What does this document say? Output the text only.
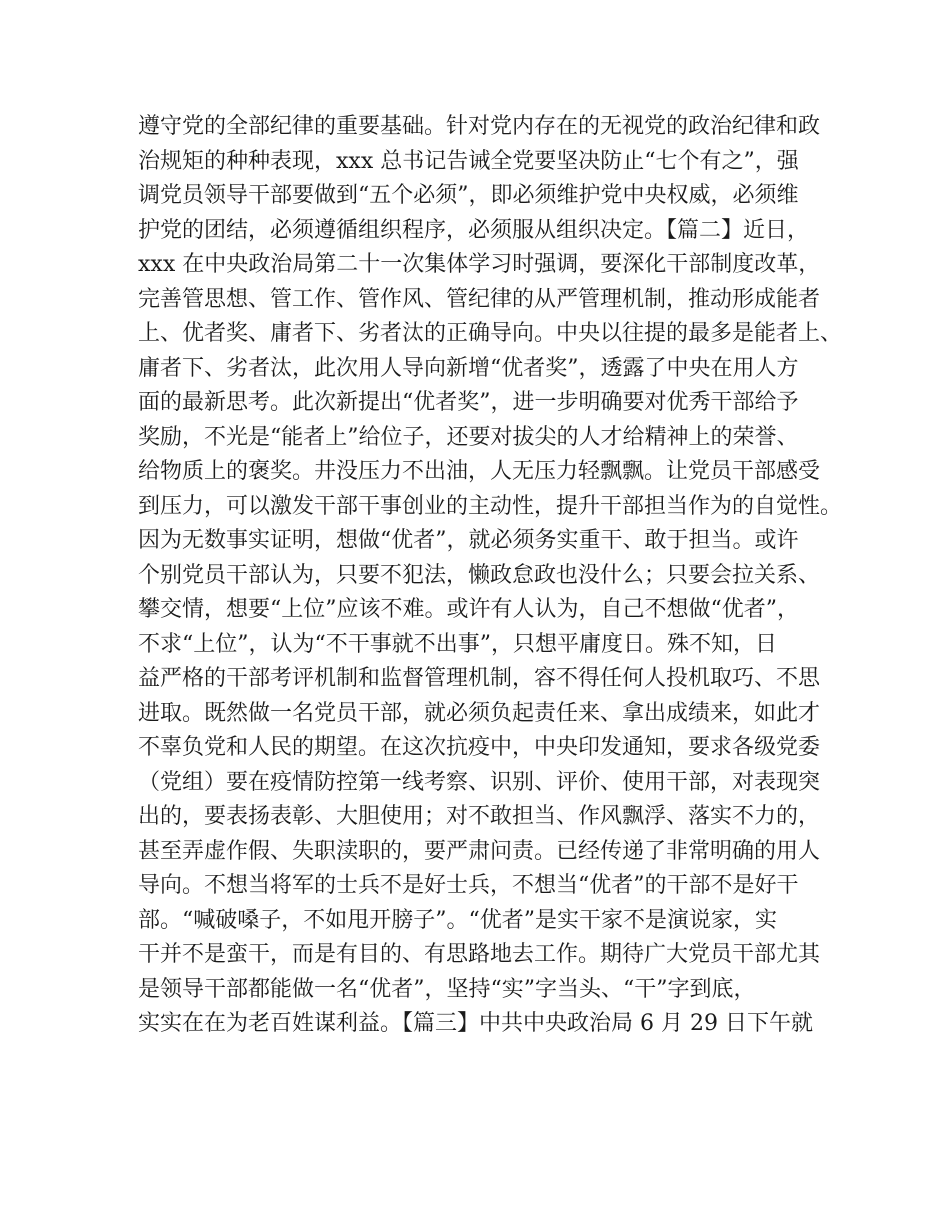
遵守党的全部纪律的重要基础。针对党内存在的无视党的政治纪律和政
治规矩的种种表现，xxx 总书记告诫全党要坚决防止“七个有之”，强
调党员领导干部要做到“五个必须”，即必须维护党中央权威，必须维
护党的团结，必须遵循组织程序，必须服从组织决定。【篇二】近日，
xxx 在中央政治局第二十一次集体学习时强调，要深化干部制度改革，
完善管思想、管工作、管作风、管纪律的从严管理机制，推动形成能者
上、优者奖、庸者下、劣者汰的正确导向。中央以往提的最多是能者上、
庸者下、劣者汰，此次用人导向新增“优者奖”，透露了中央在用人方
面的最新思考。此次新提出“优者奖”，进一步明确要对优秀干部给予
奖励，不光是“能者上”给位子，还要对拔尖的人才给精神上的荣誉、
给物质上的褒奖。井没压力不出油，人无压力轻飘飘。让党员干部感受
到压力，可以激发干部干事创业的主动性，提升干部担当作为的自觉性。
因为无数事实证明，想做“优者”，就必须务实重干、敢于担当。或许
个别党员干部认为，只要不犯法，懒政怠政也没什么；只要会拉关系、
攀交情，想要“上位”应该不难。或许有人认为，自己不想做“优者”，
不求“上位”，认为“不干事就不出事”，只想平庸度日。殊不知，日
益严格的干部考评机制和监督管理机制，容不得任何人投机取巧、不思
进取。既然做一名党员干部，就必须负起责任来、拿出成绩来，如此才
不辜负党和人民的期望。在这次抗疫中，中央印发通知，要求各级党委
（党组）要在疫情防控第一线考察、识别、评价、使用干部，对表现突
出的，要表扬表彰、大胆使用；对不敢担当、作风飘浮、落实不力的，
甚至弄虚作假、失职渎职的，要严肃问责。已经传递了非常明确的用人
导向。不想当将军的士兵不是好士兵，不想当“优者”的干部不是好干
部。“喊破嗓子，不如甩开膀子”。“优者”是实干家不是演说家，实
干并不是蛮干，而是有目的、有思路地去工作。期待广大党员干部尤其
是领导干部都能做一名“优者”，坚持“实”字当头、“干”字到底，
实实在在为老百姓谋利益。【篇三】中共中央政治局 6 月 29 日下午就
